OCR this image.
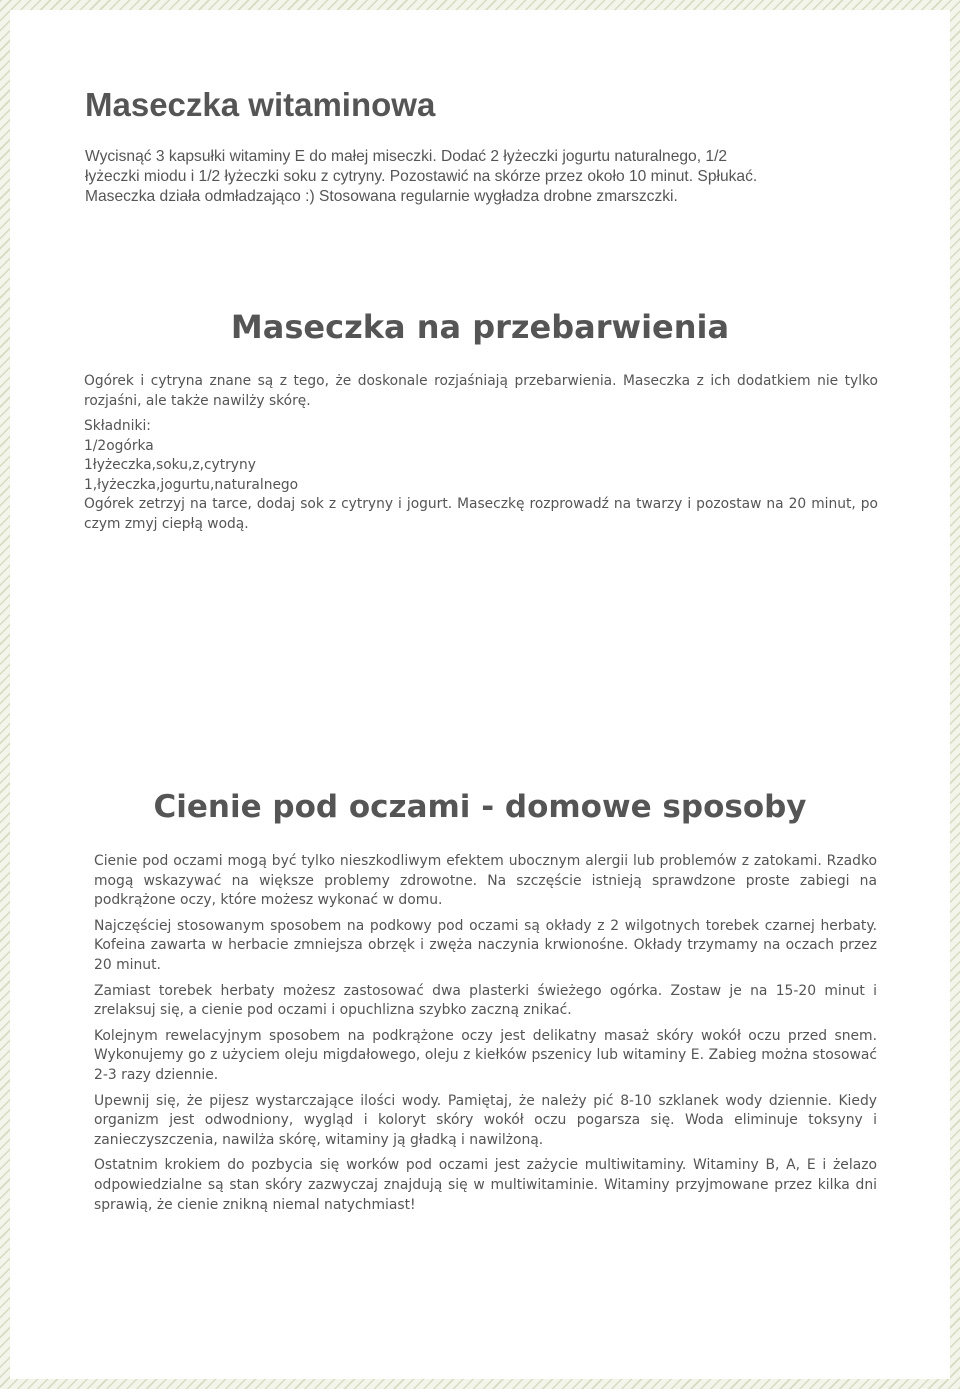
Maseczka witaminowa
Wycisnąć 3 kapsułki witaminy E do małej miseczki. Dodać 2 łyżeczki jogurtu naturalnego, 1/2
łyżeczki miodu i 1/2 łyżeczki soku z cytryny. Pozostawić na skórze przez około 10 minut. Spłukać.
Maseczka działa odmładzająco :) Stosowana regularnie wygładza drobne zmarszczki.
Maseczka na przebarwienia

Ogórek i cytryna znane są z tego, że doskonale rozjaśniają przebarwienia. Maseczka z ich dodatkiem nie tylko rozjaśni, ale także nawilży skórę.

Składniki:

1/2ogórka

1łyżeczka,soku,z,cytryny

1,łyżeczka,jogurtu,naturalnego

Ogórek zetrzyj na tarce, dodaj sok z cytryny i jogurt. Maseczkę rozprowadź na twarzy i pozostaw na 20 minut, po czym zmyj ciepłą wodą.

Cienie pod oczami - domowe sposoby

Cienie pod oczami mogą być tylko nieszkodliwym efektem ubocznym alergii lub problemów z zatokami. Rzadko mogą wskazywać na większe problemy zdrowotne. Na szczęście istnieją sprawdzone proste zabiegi na podkrążone oczy, które możesz wykonać w domu.

Najczęściej stosowanym sposobem na podkowy pod oczami są okłady z 2 wilgotnych torebek czarnej herbaty. Kofeina zawarta w herbacie zmniejsza obrzęk i zwęża naczynia krwionośne. Okłady trzymamy na oczach przez 20 minut.

Zamiast torebek herbaty możesz zastosować dwa plasterki świeżego ogórka. Zostaw je na 15-20 minut i zrelaksuj się, a cienie pod oczami i opuchlizna szybko zaczną znikać.

Kolejnym rewelacyjnym sposobem na podkrążone oczy jest delikatny masaż skóry wokół oczu przed snem. Wykonujemy go z użyciem oleju migdałowego, oleju z kiełków pszenicy lub witaminy E. Zabieg można stosować 2-3 razy dziennie.

Upewnij się, że pijesz wystarczające ilości wody. Pamiętaj, że należy pić 8-10 szklanek wody dziennie. Kiedy organizm jest odwodniony, wygląd i koloryt skóry wokół oczu pogarsza się. Woda eliminuje toksyny i zanieczyszczenia, nawilża skórę, witaminy ją gładką i nawilżoną.

Ostatnim krokiem do pozbycia się worków pod oczami jest zażycie multiwitaminy. Witaminy B, A, E i żelazo odpowiedzialne są stan skóry zazwyczaj znajdują się w multiwitaminie. Witaminy przyjmowane przez kilka dni sprawią, że cienie znikną niemal natychmiast!
